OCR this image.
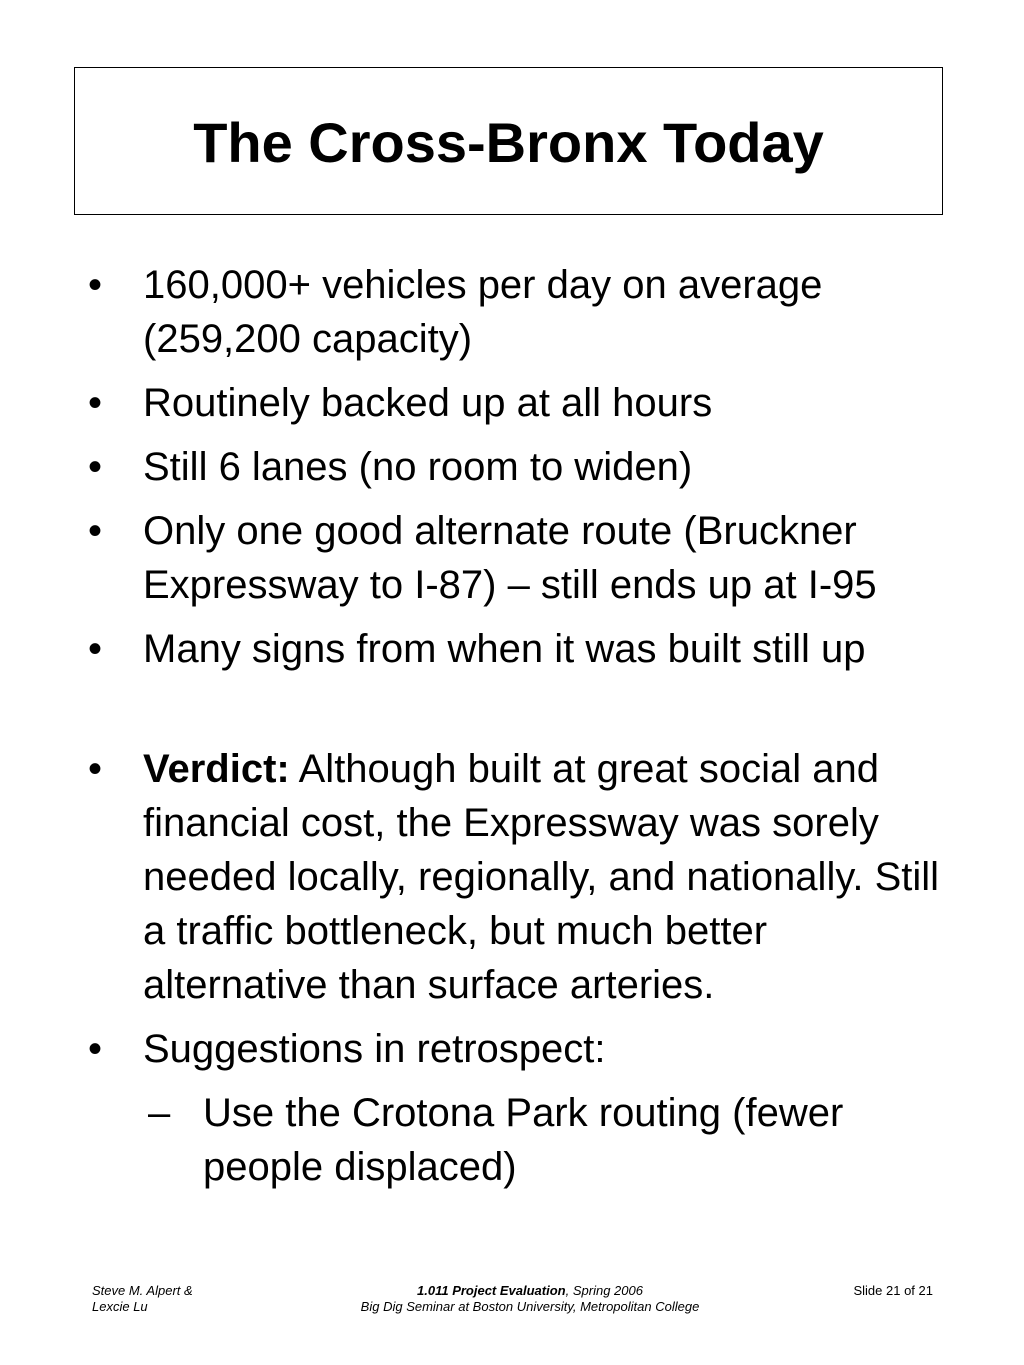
The Cross-Bronx Today
• 160,000+ vehicles per day on average (259,200 capacity)
• Routinely backed up at all hours
• Still 6 lanes (no room to widen)
• Only one good alternate route (Bruckner Expressway to I-87) – still ends up at I-95
• Many signs from when it was built still up
• Verdict: Although built at great social and financial cost, the Expressway was sorely needed locally, regionally, and nationally. Still a traffic bottleneck, but much better alternative than surface arteries.
• Suggestions in retrospect:
– Use the Crotona Park routing (fewer people displaced)
Steve M. Alpert & Lexcie Lu
1.011 Project Evaluation, Spring 2006
Big Dig Seminar at Boston University, Metropolitan College
Slide 21 of 21
